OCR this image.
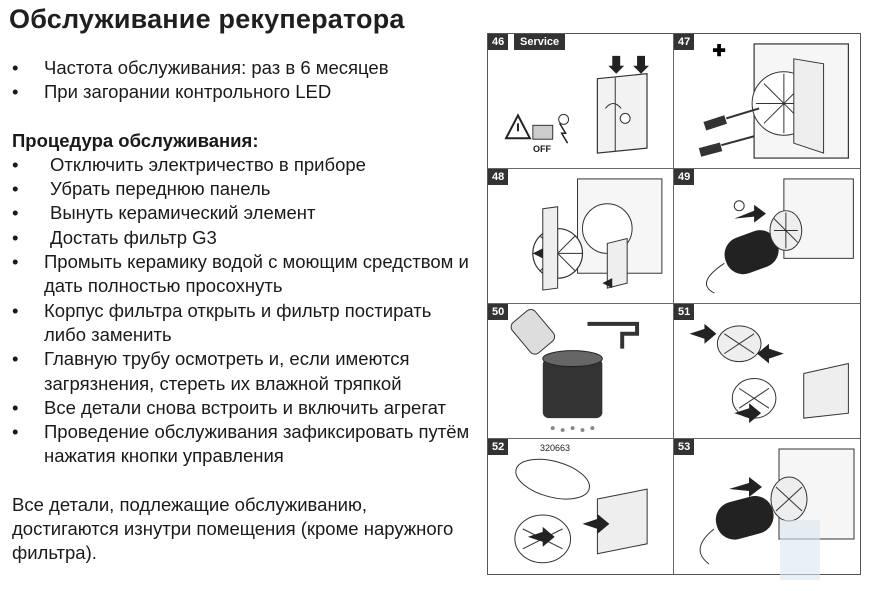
Обслуживание рекуператора
• Частота обслуживания: раз в 6 месяцев
• При загорании контрольного LED
Процедура обслуживания:
• Отключить электричество в приборе
• Убрать переднюю панель
• Вынуть керамический элемент
• Достать фильтр G3
• Промыть керамику водой с моющим средством и дать полностью просохнуть
• Корпус фильтра открыть и фильтр постирать либо заменить
• Главную трубу осмотреть и, если имеются загрязнения, стереть их влажной тряпкой
• Все детали снова встроить и включить агрегат
• Проведение обслуживания зафиксировать путём нажатия кнопки управления
Все детали, подлежащие обслуживанию, достигаются изнутри помещения (кроме наружного фильтра).
46	Service
OFF
47
✚
48	49
50	51
52	320663	53
